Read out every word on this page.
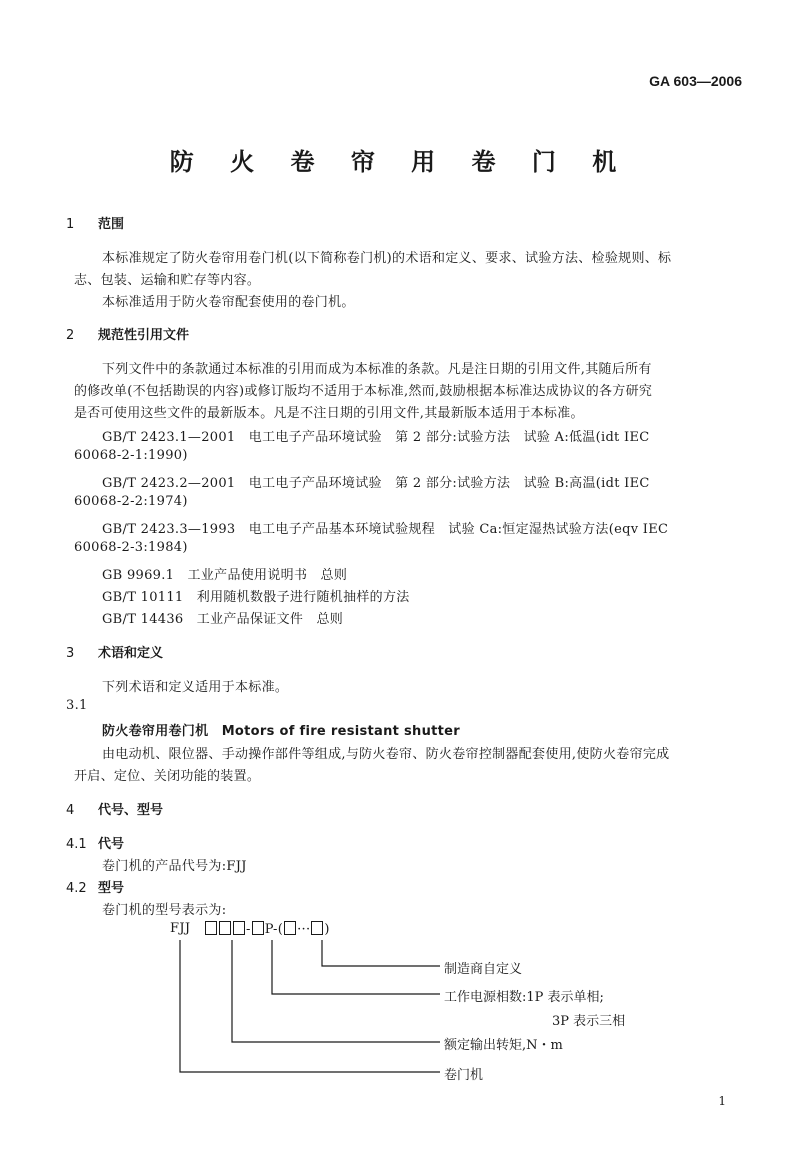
GA 603—2006
防 火 卷 帘 用 卷 门 机
1 范围
本标准规定了防火卷帘用卷门机(以下简称卷门机)的术语和定义、要求、试验方法、检验规则、标
志、包装、运输和贮存等内容。
本标准适用于防火卷帘配套使用的卷门机。
2 规范性引用文件
下列文件中的条款通过本标准的引用而成为本标准的条款。凡是注日期的引用文件,其随后所有
的修改单(不包括勘误的内容)或修订版均不适用于本标准,然而,鼓励根据本标准达成协议的各方研究
是否可使用这些文件的最新版本。凡是不注日期的引用文件,其最新版本适用于本标准。
GB/T 2423.1—2001　电工电子产品环境试验　第 2 部分:试验方法　试验 A:低温(idt IEC
60068-2-1:1990)
GB/T 2423.2—2001　电工电子产品环境试验　第 2 部分:试验方法　试验 B:高温(idt IEC
60068-2-2:1974)
GB/T 2423.3—1993　电工电子产品基本环境试验规程　试验 Ca:恒定湿热试验方法(eqv IEC
60068-2-3:1984)
GB 9969.1　工业产品使用说明书　总则
GB/T 10111　利用随机数骰子进行随机抽样的方法
GB/T 14436　工业产品保证文件　总则
3 术语和定义
下列术语和定义适用于本标准。
3.1
防火卷帘用卷门机　Motors of fire resistant shutter
由电动机、限位器、手动操作部件等组成,与防火卷帘、防火卷帘控制器配套使用,使防火卷帘完成
开启、定位、关闭功能的装置。
4 代号、型号
4.1 代号
卷门机的产品代号为:FJJ
4.2 型号
卷门机的型号表示为:
FJJ	- P-( ··· )
制造商自定义
工作电源相数:1P 表示单相;
3P 表示三相
额定输出转矩,N・m
卷门机
1
